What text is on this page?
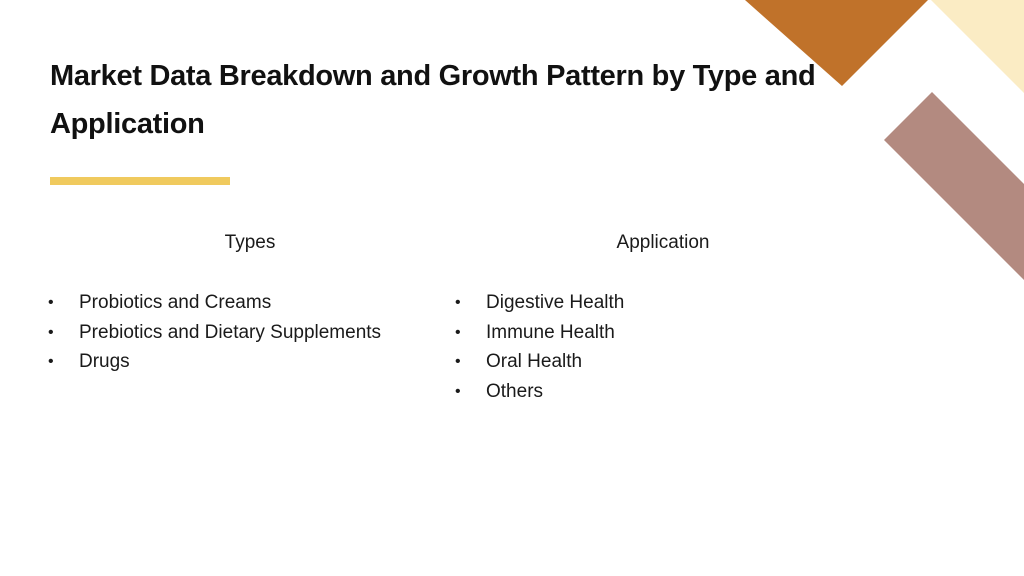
Market Data Breakdown and Growth Pattern by Type and Application
Types	Application
• Probiotics and Creams
• Prebiotics and Dietary Supplements
• Drugs
• Digestive Health
• Immune Health
• Oral Health
• Others
